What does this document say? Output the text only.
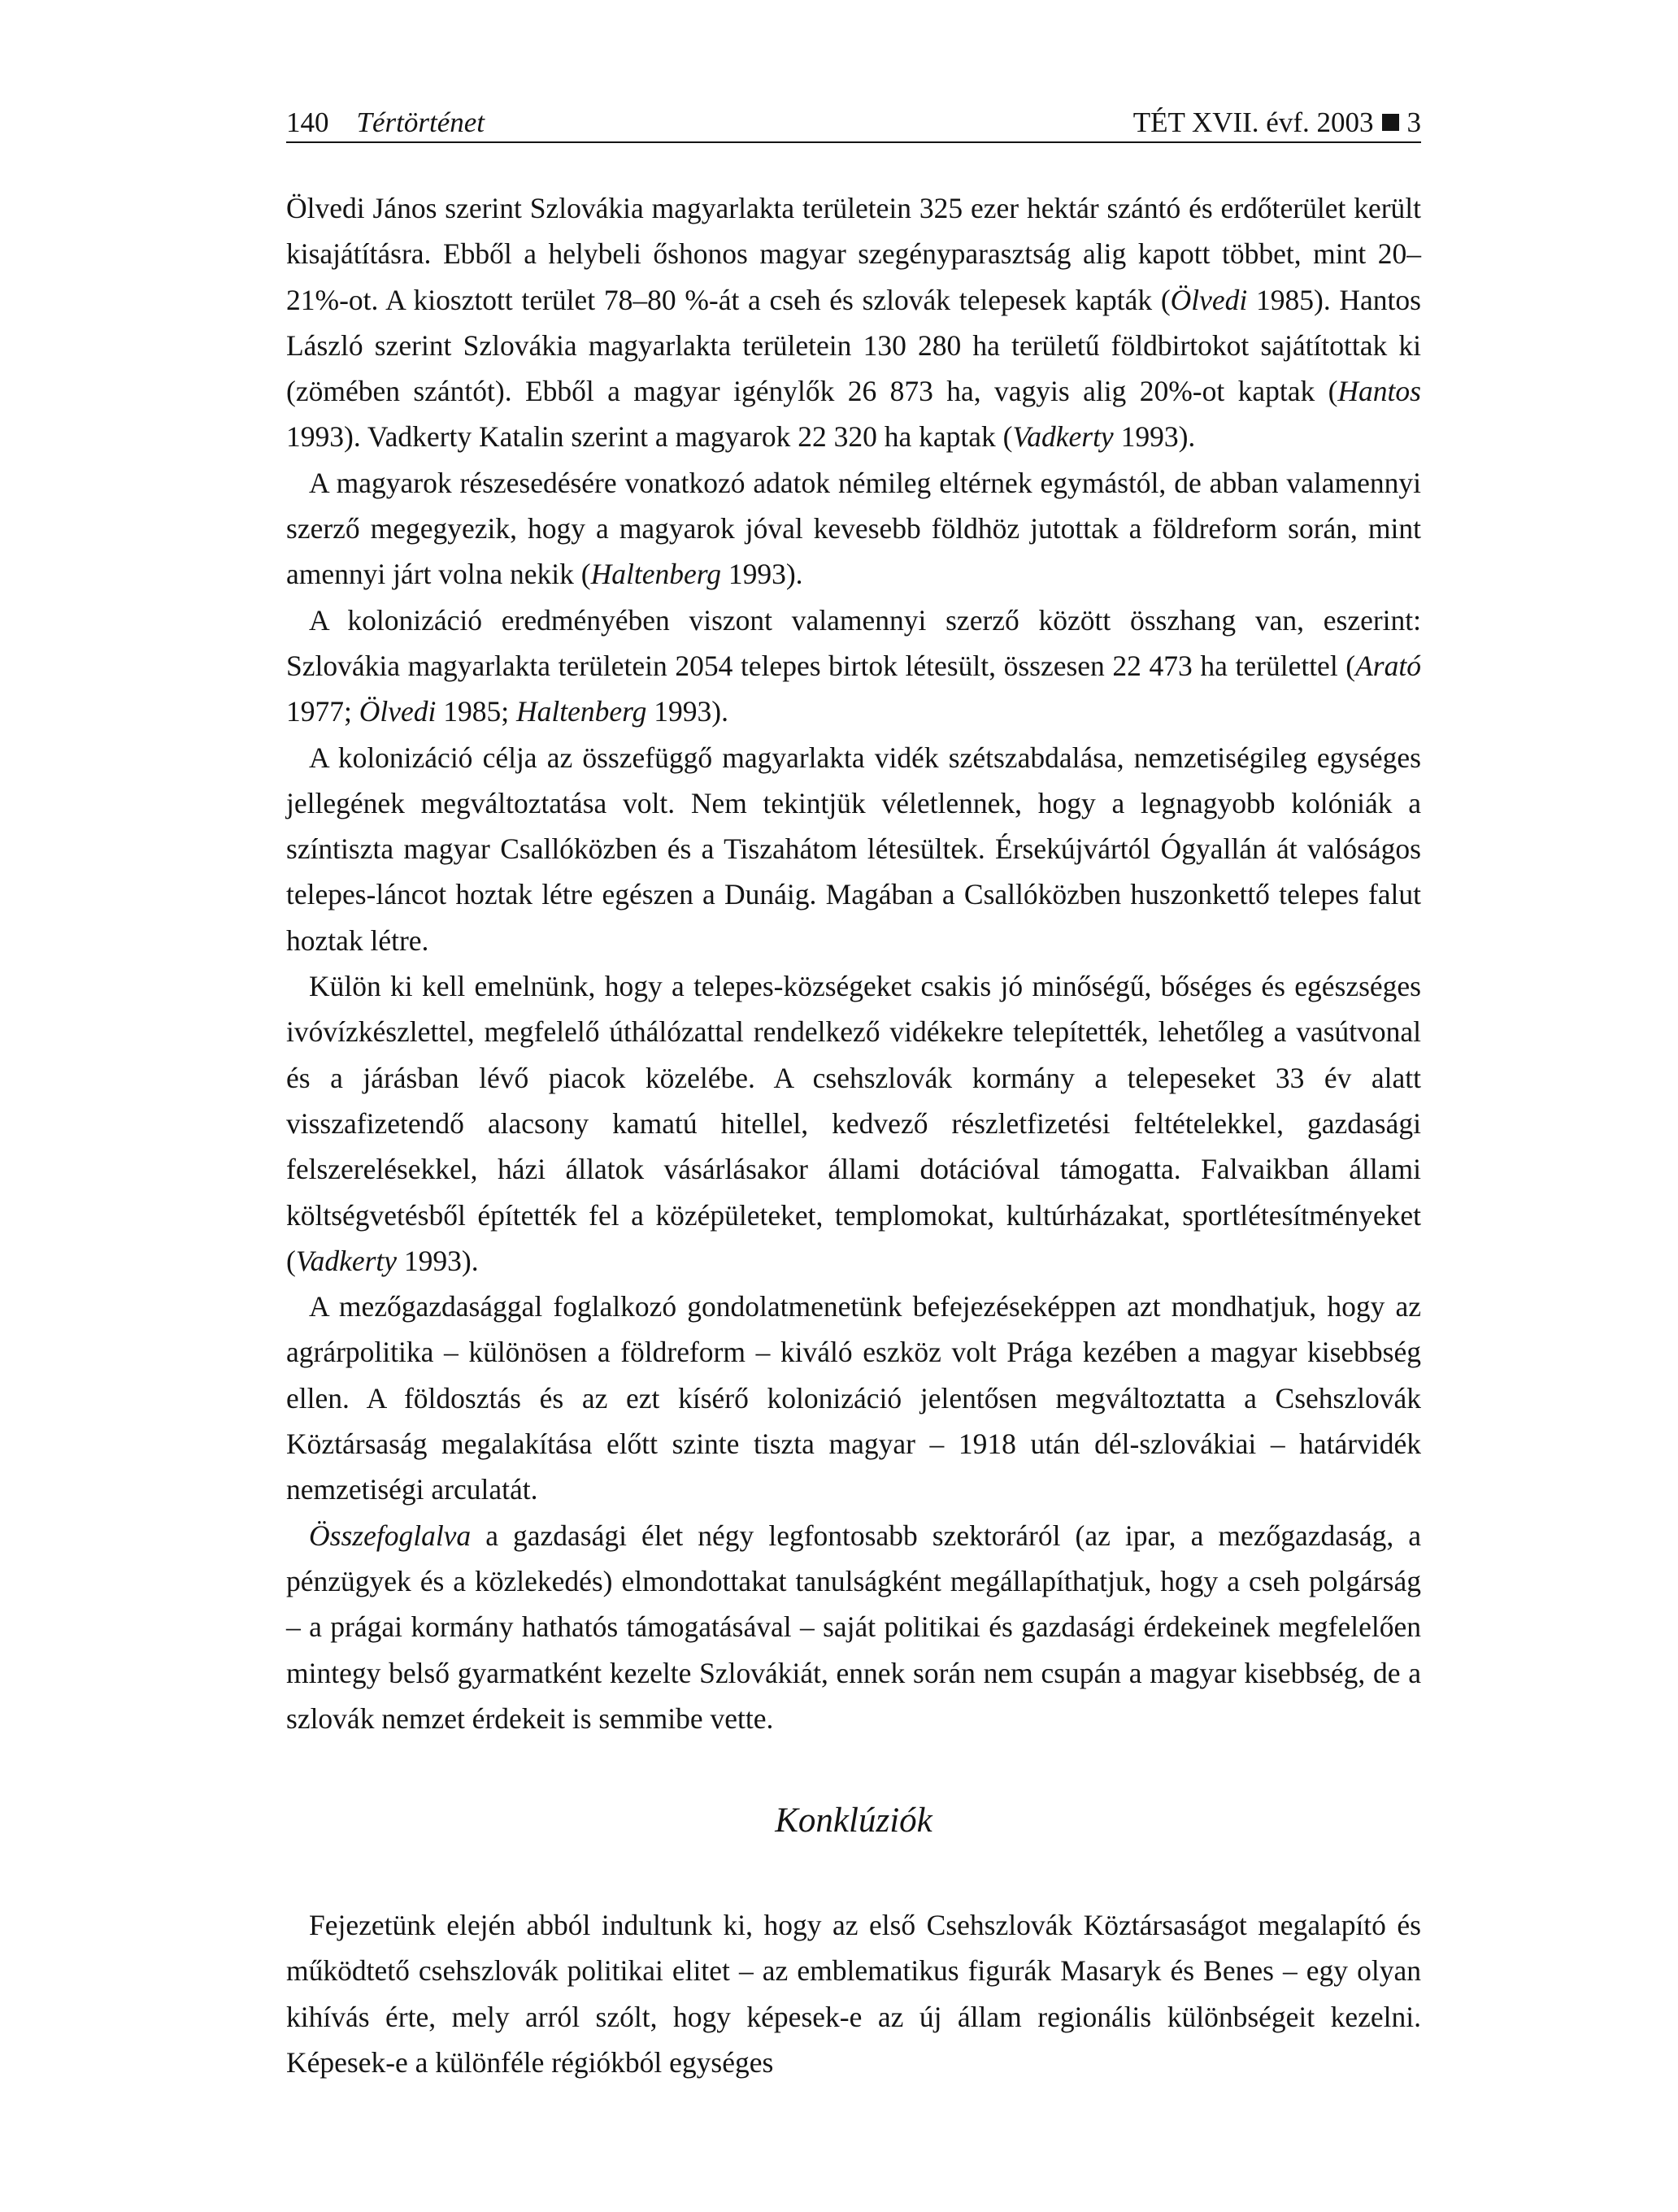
140 Tértörténet	TÉT XVII. évf. 2003 3

Ölvedi János szerint Szlovákia magyarlakta területein 325 ezer hektár szántó és erdőterület került kisajátításra. Ebből a helybeli őshonos magyar szegényparasztság alig kapott többet, mint 20–21%-ot. A kiosztott terület 78–80 %-át a cseh és szlovák telepesek kapták (Ölvedi 1985). Hantos László szerint Szlovákia magyarlakta területein 130 280 ha területű földbirtokot sajátítottak ki (zömében szántót). Ebből a magyar igénylők 26 873 ha, vagyis alig 20%-ot kaptak (Hantos 1993). Vadkerty Katalin szerint a magyarok 22 320 ha kaptak (Vadkerty 1993).

A magyarok részesedésére vonatkozó adatok némileg eltérnek egymástól, de abban valamennyi szerző megegyezik, hogy a magyarok jóval kevesebb földhöz jutottak a földreform során, mint amennyi járt volna nekik (Haltenberg 1993).

A kolonizáció eredményében viszont valamennyi szerző között összhang van, eszerint: Szlovákia magyarlakta területein 2054 telepes birtok létesült, összesen 22 473 ha területtel (Arató 1977; Ölvedi 1985; Haltenberg 1993).

A kolonizáció célja az összefüggő magyarlakta vidék szétszabdalása, nemzetiségileg egységes jellegének megváltoztatása volt. Nem tekintjük véletlennek, hogy a legnagyobb kolóniák a színtiszta magyar Csallóközben és a Tiszahátom létesültek. Érsekújvártól Ógyallán át valóságos telepes-láncot hoztak létre egészen a Dunáig. Magában a Csallóközben huszonkettő telepes falut hoztak létre.

Külön ki kell emelnünk, hogy a telepes-községeket csakis jó minőségű, bőséges és egészséges ivóvízkészlettel, megfelelő úthálózattal rendelkező vidékekre telepítették, lehetőleg a vasútvonal és a járásban lévő piacok közelébe. A csehszlovák kormány a telepeseket 33 év alatt visszafizetendő alacsony kamatú hitellel, kedvező részletfizetési feltételekkel, gazdasági felszerelésekkel, házi állatok vásárlásakor állami dotációval támogatta. Falvaikban állami költségvetésből építették fel a középületeket, templomokat, kultúrházakat, sportlétesítményeket (Vadkerty 1993).

A mezőgazdasággal foglalkozó gondolatmenetünk befejezéseképpen azt mondhatjuk, hogy az agrárpolitika – különösen a földreform – kiváló eszköz volt Prága kezében a magyar kisebbség ellen. A földosztás és az ezt kísérő kolonizáció jelentősen megváltoztatta a Csehszlovák Köztársaság megalakítása előtt szinte tiszta magyar – 1918 után dél-szlovákiai – határvidék nemzetiségi arculatát.

Összefoglalva a gazdasági élet négy legfontosabb szektoráról (az ipar, a mezőgazdaság, a pénzügyek és a közlekedés) elmondottakat tanulságként megállapíthatjuk, hogy a cseh polgárság – a prágai kormány hathatós támogatásával – saját politikai és gazdasági érdekeinek megfelelően mintegy belső gyarmatként kezelte Szlovákiát, ennek során nem csupán a magyar kisebbség, de a szlovák nemzet érdekeit is semmibe vette.

Konklúziók

Fejezetünk elején abból indultunk ki, hogy az első Csehszlovák Köztársaságot megalapító és működtető csehszlovák politikai elitet – az emblematikus figurák Masaryk és Benes – egy olyan kihívás érte, mely arról szólt, hogy képesek-e az új állam regionális különbségeit kezelni. Képesek-e a különféle régiókból egységes
